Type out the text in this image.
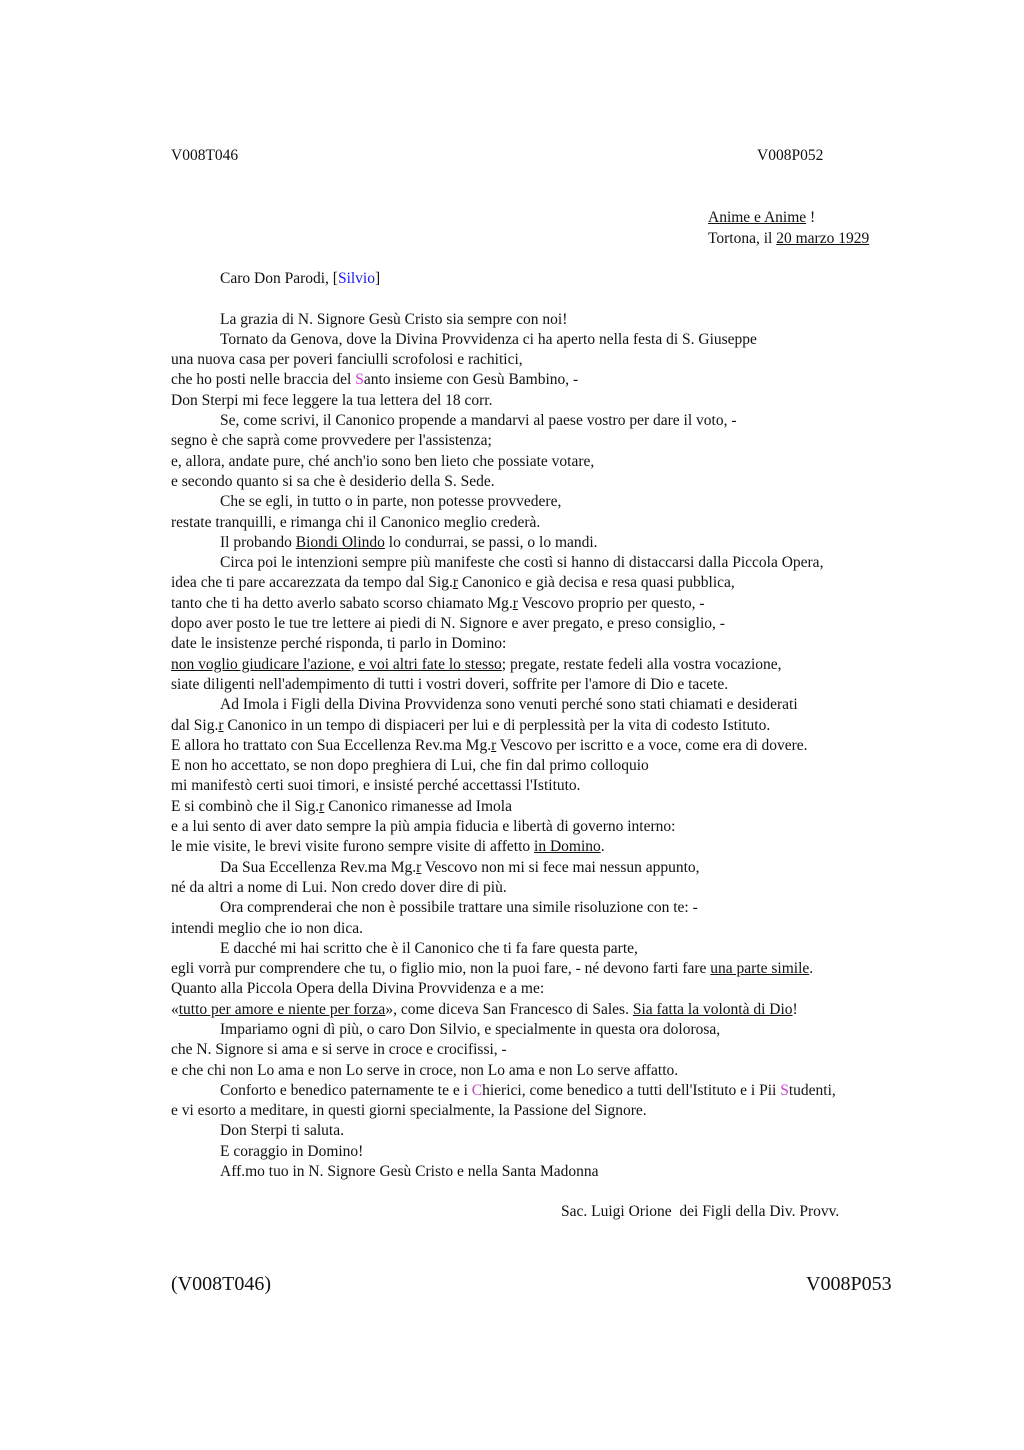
V008T046	V008P052
Anime e Anime !
Tortona, il 20 marzo 1929
Caro Don Parodi, [Silvio]
La grazia di N. Signore Gesù Cristo sia sempre con noi!
Tornato da Genova, dove la Divina Provvidenza ci ha aperto nella festa di S. Giuseppe
una nuova casa per poveri fanciulli scrofolosi e rachitici,
che ho posti nelle braccia del Santo insieme con Gesù Bambino, -
Don Sterpi mi fece leggere la tua lettera del 18 corr.
Se, come scrivi, il Canonico propende a mandarvi al paese vostro per dare il voto, -
segno è che saprà come provvedere per l'assistenza;
e, allora, andate pure, ché anch'io sono ben lieto che possiate votare,
e secondo quanto si sa che è desiderio della S. Sede.
Che se egli, in tutto o in parte, non potesse provvedere,
restate tranquilli, e rimanga chi il Canonico meglio crederà.
Il probando Biondi Olindo lo condurrai, se passi, o lo mandi.
Circa poi le intenzioni sempre più manifeste che costì si hanno di distaccarsi dalla Piccola Opera,
idea che ti pare accarezzata da tempo dal Sig.r Canonico e già decisa e resa quasi pubblica,
tanto che ti ha detto averlo sabato scorso chiamato Mg.r Vescovo proprio per questo, -
dopo aver posto le tue tre lettere ai piedi di N. Signore e aver pregato, e preso consiglio, -
date le insistenze perché risponda, ti parlo in Domino:
non voglio giudicare l'azione, e voi altri fate lo stesso; pregate, restate fedeli alla vostra vocazione,
siate diligenti nell'adempimento di tutti i vostri doveri, soffrite per l'amore di Dio e tacete.
Ad Imola i Figli della Divina Provvidenza sono venuti perché sono stati chiamati e desiderati
dal Sig.r Canonico in un tempo di dispiaceri per lui e di perplessità per la vita di codesto Istituto.
E allora ho trattato con Sua Eccellenza Rev.ma Mg.r Vescovo per iscritto e a voce, come era di dovere.
E non ho accettato, se non dopo preghiera di Lui, che fin dal primo colloquio
mi manifestò certi suoi timori, e insisté perché accettassi l'Istituto.
E si combinò che il Sig.r Canonico rimanesse ad Imola
e a lui sento di aver dato sempre la più ampia fiducia e libertà di governo interno:
le mie visite, le brevi visite furono sempre visite di affetto in Domino.
Da Sua Eccellenza Rev.ma Mg.r Vescovo non mi si fece mai nessun appunto,
né da altri a nome di Lui. Non credo dover dire di più.
Ora comprenderai che non è possibile trattare una simile risoluzione con te: -
intendi meglio che io non dica.
E dacché mi hai scritto che è il Canonico che ti fa fare questa parte,
egli vorrà pur comprendere che tu, o figlio mio, non la puoi fare, - né devono farti fare una parte simile.
Quanto alla Piccola Opera della Divina Provvidenza e a me:
«tutto per amore e niente per forza», come diceva San Francesco di Sales. Sia fatta la volontà di Dio!
Impariamo ogni dì più, o caro Don Silvio, e specialmente in questa ora dolorosa,
che N. Signore si ama e si serve in croce e crocifissi, -
e che chi non Lo ama e non Lo serve in croce, non Lo ama e non Lo serve affatto.
Conforto e benedico paternamente te e i Chierici, come benedico a tutti dell'Istituto e i Pii Studenti,
e vi esorto a meditare, in questi giorni specialmente, la Passione del Signore.
Don Sterpi ti saluta.
E coraggio in Domino!
Aff.mo tuo in N. Signore Gesù Cristo e nella Santa Madonna
Sac. Luigi Orione  dei Figli della Div. Provv.
(V008T046)	V008P053
